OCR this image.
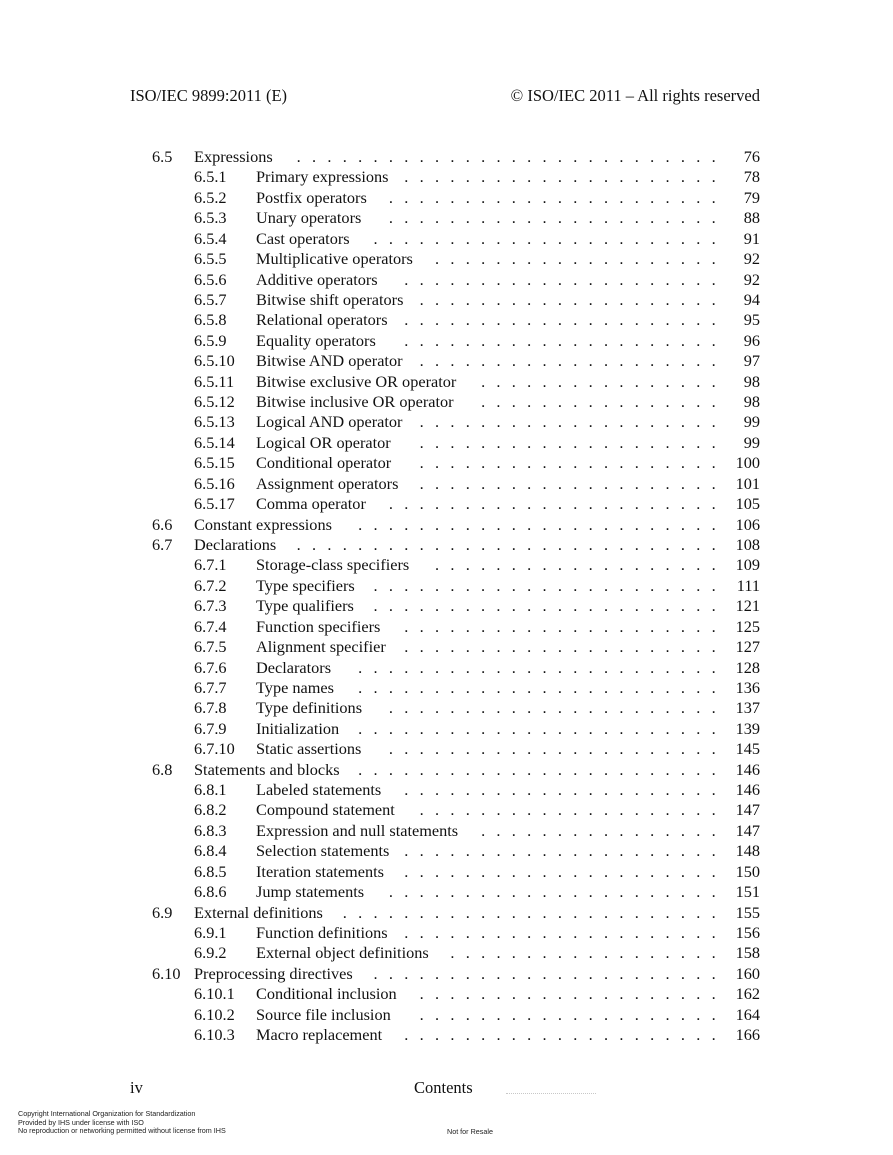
ISO/IEC 9899:2011 (E)	© ISO/IEC 2011 – All rights reserved
6.5 Expressions ............................ 76
6.5.1 Primary expressions ..................... 78
6.5.2 Postfix operators ...................... 79
6.5.3 Unary operators ...................... 88
6.5.4 Cast operators ....................... 91
6.5.5 Multiplicative operators ................... 92
6.5.6 Additive operators ..................... 92
6.5.7 Bitwise shift operators .................... 94
6.5.8 Relational operators ..................... 95
6.5.9 Equality operators ..................... 96
6.5.10 Bitwise AND operator .................... 97
6.5.11 Bitwise exclusive OR operator ................ 98
6.5.12 Bitwise inclusive OR operator ................ 98
6.5.13 Logical AND operator .................... 99
6.5.14 Logical OR operator .................... 99
6.5.15 Conditional operator .................... 100
6.5.16 Assignment operators .................... 101
6.5.17 Comma operator ...................... 105
6.6 Constant expressions ........................ 106
6.7 Declarations ............................ 108
6.7.1 Storage-class specifiers ................... 109
6.7.2 Type specifiers ....................... 111
6.7.3 Type qualifiers ....................... 121
6.7.4 Function specifiers ..................... 125
6.7.5 Alignment specifier ..................... 127
6.7.6 Declarators ........................ 128
6.7.7 Type names ........................ 136
6.7.8 Type definitions ...................... 137
6.7.9 Initialization ........................ 139
6.7.10 Static assertions ...................... 145
6.8 Statements and blocks ........................ 146
6.8.1 Labeled statements ..................... 146
6.8.2 Compound statement .................... 147
6.8.3 Expression and null statements ................ 147
6.8.4 Selection statements ..................... 148
6.8.5 Iteration statements ..................... 150
6.8.6 Jump statements ...................... 151
6.9 External definitions ......................... 155
6.9.1 Function definitions ..................... 156
6.9.2 External object definitions .................. 158
6.10 Preprocessing directives ....................... 160
6.10.1 Conditional inclusion .................... 162
6.10.2 Source file inclusion .................... 164
6.10.3 Macro replacement ..................... 166
iv	Contents
Copyright International Organization for Standardization
Provided by IHS under license with ISO
No reproduction or networking permitted without license from IHS	Not for Resale
